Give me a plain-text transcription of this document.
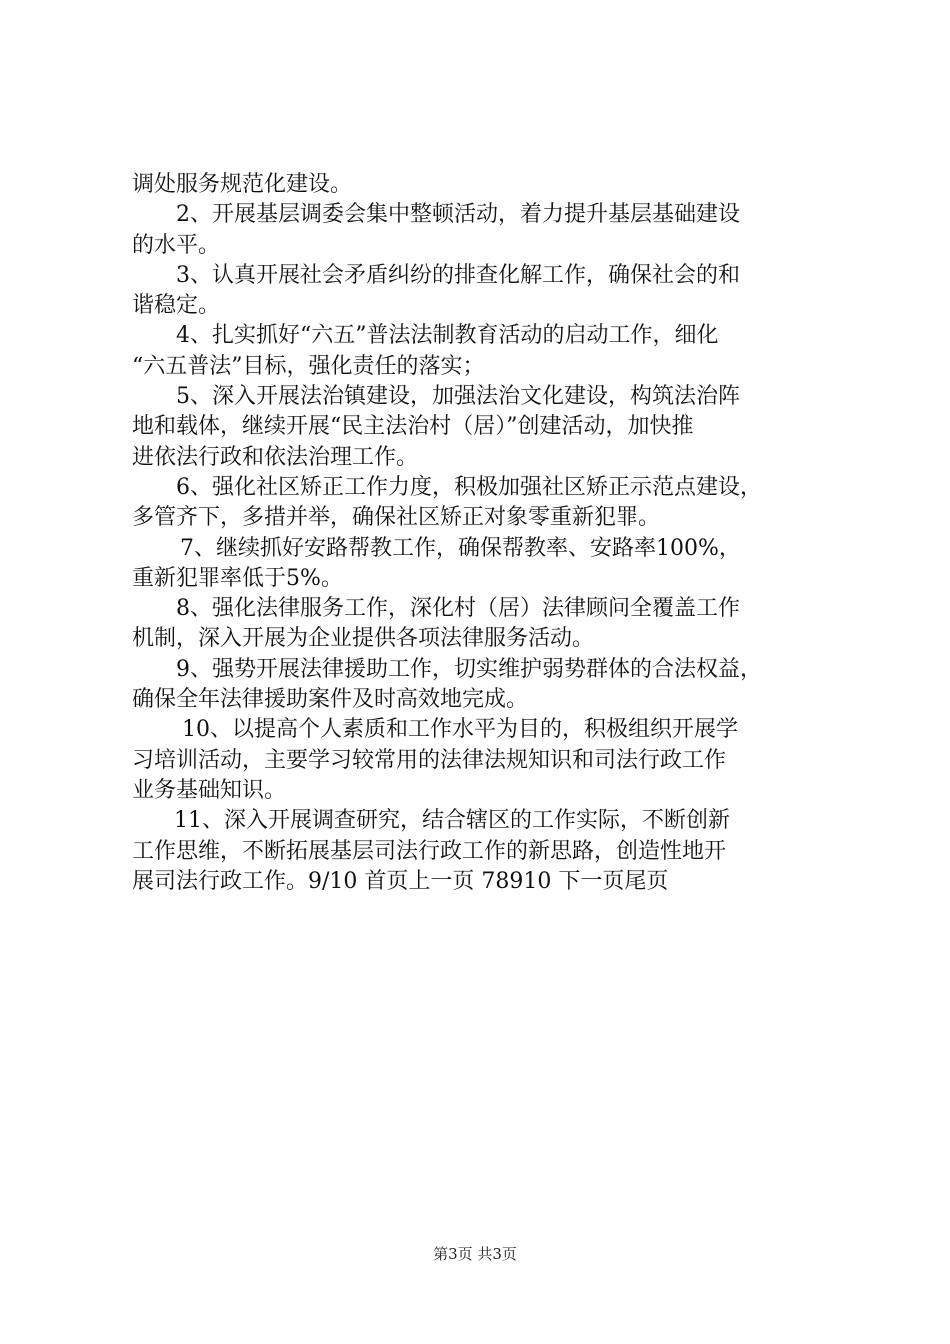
调处服务规范化建设。
2、开展基层调委会集中整顿活动，着力提升基层基础建设
的水平。
3、认真开展社会矛盾纠纷的排查化解工作，确保社会的和
谐稳定。
4、扎实抓好“六五”普法法制教育活动的启动工作，细化
“六五普法”目标，强化责任的落实；
5、深入开展法治镇建设，加强法治文化建设，构筑法治阵
地和载体，继续开展“民主法治村（居）”创建活动，加快推
进依法行政和依法治理工作。
6、强化社区矫正工作力度，积极加强社区矫正示范点建设，
多管齐下，多措并举，确保社区矫正对象零重新犯罪。
7、继续抓好安路帮教工作，确保帮教率、安路率100%，
重新犯罪率低于5%。
8、强化法律服务工作，深化村（居）法律顾问全覆盖工作
机制，深入开展为企业提供各项法律服务活动。
9、强势开展法律援助工作，切实维护弱势群体的合法权益，
确保全年法律援助案件及时高效地完成。
10、以提高个人素质和工作水平为目的，积极组织开展学
习培训活动，主要学习较常用的法律法规知识和司法行政工作
业务基础知识。
11、深入开展调查研究，结合辖区的工作实际，不断创新
工作思维，不断拓展基层司法行政工作的新思路，创造性地开
展司法行政工作。9/10 首页上一页 78910 下一页尾页
第3页 共3页
